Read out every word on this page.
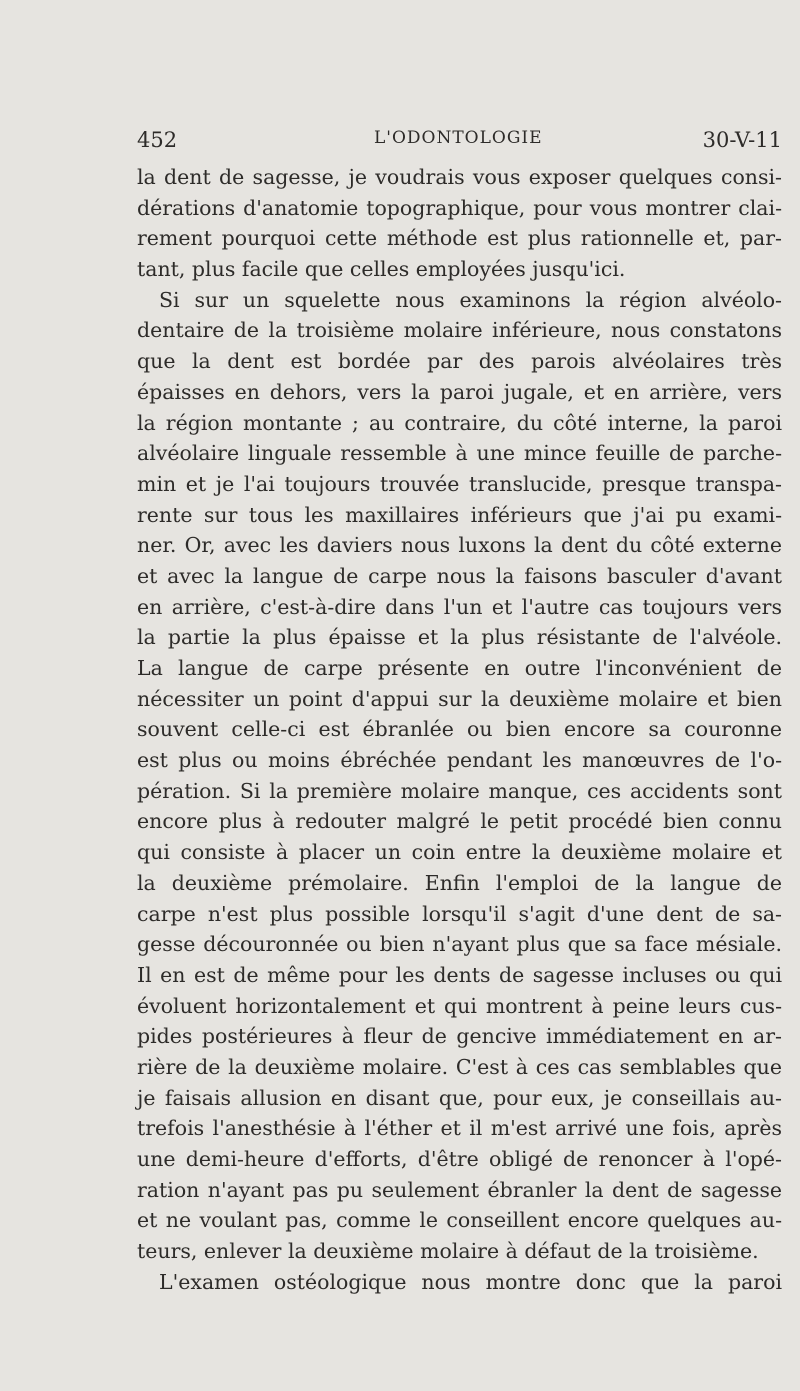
452	L'ODONTOLOGIE	30-V-11
la dent de sagesse, je voudrais vous exposer quelques consi-
dérations d'anatomie topographique, pour vous montrer clai-
rement pourquoi cette méthode est plus rationnelle et, par-
tant, plus facile que celles employées jusqu'ici.
Si sur un squelette nous examinons la région alvéolo-
dentaire de la troisième molaire inférieure, nous constatons
que la dent est bordée par des parois alvéolaires très
épaisses en dehors, vers la paroi jugale, et en arrière, vers
la région montante ; au contraire, du côté interne, la paroi
alvéolaire linguale ressemble à une mince feuille de parche-
min et je l'ai toujours trouvée translucide, presque transpa-
rente sur tous les maxillaires inférieurs que j'ai pu exami-
ner. Or, avec les daviers nous luxons la dent du côté externe
et avec la langue de carpe nous la faisons basculer d'avant
en arrière, c'est-à-dire dans l'un et l'autre cas toujours vers
la partie la plus épaisse et la plus résistante de l'alvéole.
La langue de carpe présente en outre l'inconvénient de
nécessiter un point d'appui sur la deuxième molaire et bien
souvent celle-ci est ébranlée ou bien encore sa couronne
est plus ou moins ébréchée pendant les manœuvres de l'o-
pération. Si la première molaire manque, ces accidents sont
encore plus à redouter malgré le petit procédé bien connu
qui consiste à placer un coin entre la deuxième molaire et
la deuxième prémolaire. Enfin l'emploi de la langue de
carpe n'est plus possible lorsqu'il s'agit d'une dent de sa-
gesse découronnée ou bien n'ayant plus que sa face mésiale.
Il en est de même pour les dents de sagesse incluses ou qui
évoluent horizontalement et qui montrent à peine leurs cus-
pides postérieures à fleur de gencive immédiatement en ar-
rière de la deuxième molaire. C'est à ces cas semblables que
je faisais allusion en disant que, pour eux, je conseillais au-
trefois l'anesthésie à l'éther et il m'est arrivé une fois, après
une demi-heure d'efforts, d'être obligé de renoncer à l'opé-
ration n'ayant pas pu seulement ébranler la dent de sagesse
et ne voulant pas, comme le conseillent encore quelques au-
teurs, enlever la deuxième molaire à défaut de la troisième.
L'examen ostéologique nous montre donc que la paroi
